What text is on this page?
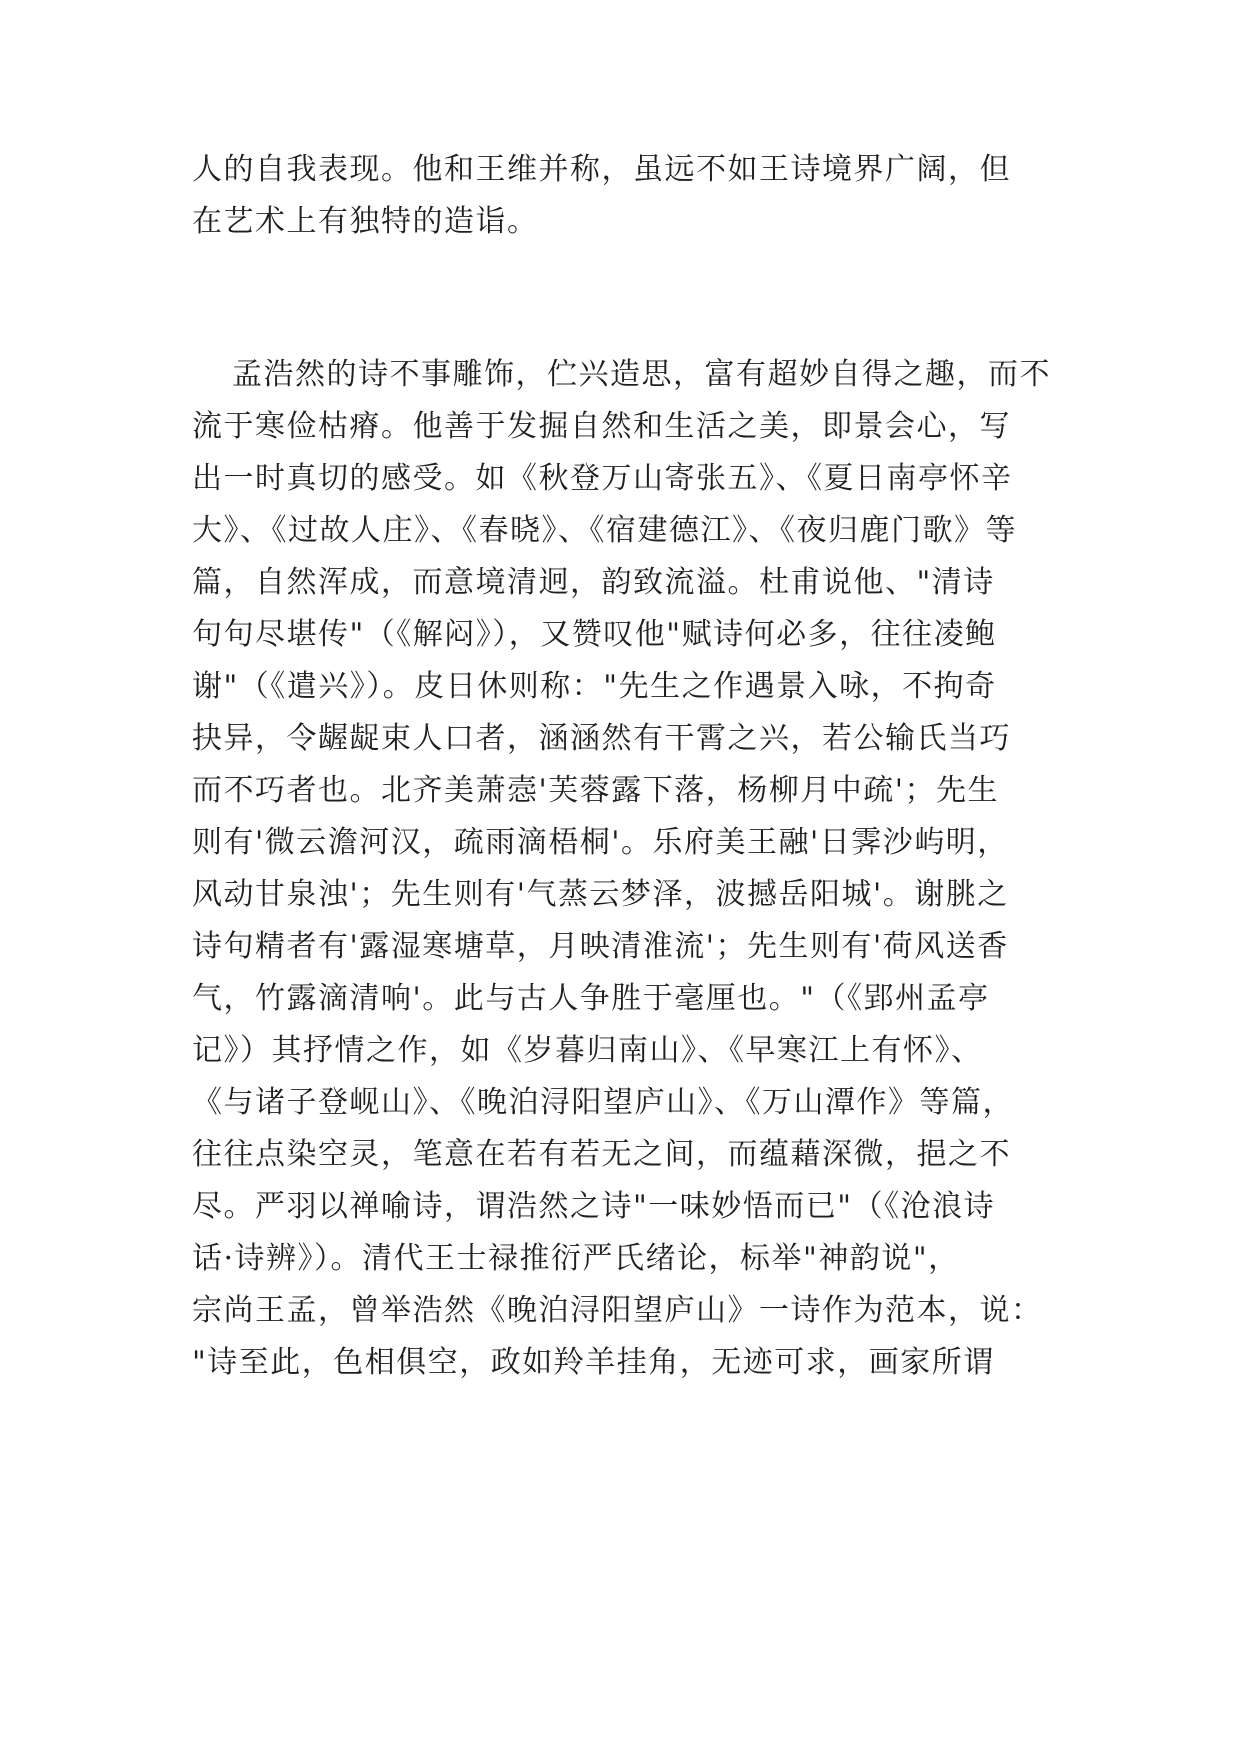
人的自我表现。他和王维并称，虽远不如王诗境界广阔，但
在艺术上有独特的造诣。
孟浩然的诗不事雕饰，伫兴造思，富有超妙自得之趣，而不
流于寒俭枯瘠。他善于发掘自然和生活之美，即景会心，写
出一时真切的感受。如《秋登万山寄张五》、《夏日南亭怀辛
大》、《过故人庄》、《春晓》、《宿建德江》、《夜归鹿门歌》等
篇，自然浑成，而意境清迥，韵致流溢。杜甫说他、"清诗
句句尽堪传"（《解闷》），又赞叹他"赋诗何必多，往往凌鲍
谢"（《遣兴》）。皮日休则称："先生之作遇景入咏，不拘奇
抉异，令龌龊束人口者，涵涵然有干霄之兴，若公输氏当巧
而不巧者也。北齐美萧悫'芙蓉露下落，杨柳月中疏'；先生
则有'微云澹河汉，疏雨滴梧桐'。乐府美王融'日霁沙屿明，
风动甘泉浊'；先生则有'气蒸云梦泽，波撼岳阳城'。谢朓之
诗句精者有'露湿寒塘草，月映清淮流'；先生则有'荷风送香
气，竹露滴清响'。此与古人争胜于毫厘也。"（《郢州孟亭
记》）其抒情之作，如《岁暮归南山》、《早寒江上有怀》、
《与诸子登岘山》、《晚泊浔阳望庐山》、《万山潭作》等篇，
往往点染空灵，笔意在若有若无之间，而蕴藉深微，挹之不
尽。严羽以禅喻诗，谓浩然之诗"一味妙悟而已"（《沧浪诗
话·诗辨》）。清代王士禄推衍严氏绪论，标举"神韵说"，
宗尚王孟，曾举浩然《晚泊浔阳望庐山》一诗作为范本，说：
"诗至此，色相俱空，政如羚羊挂角，无迹可求，画家所谓
